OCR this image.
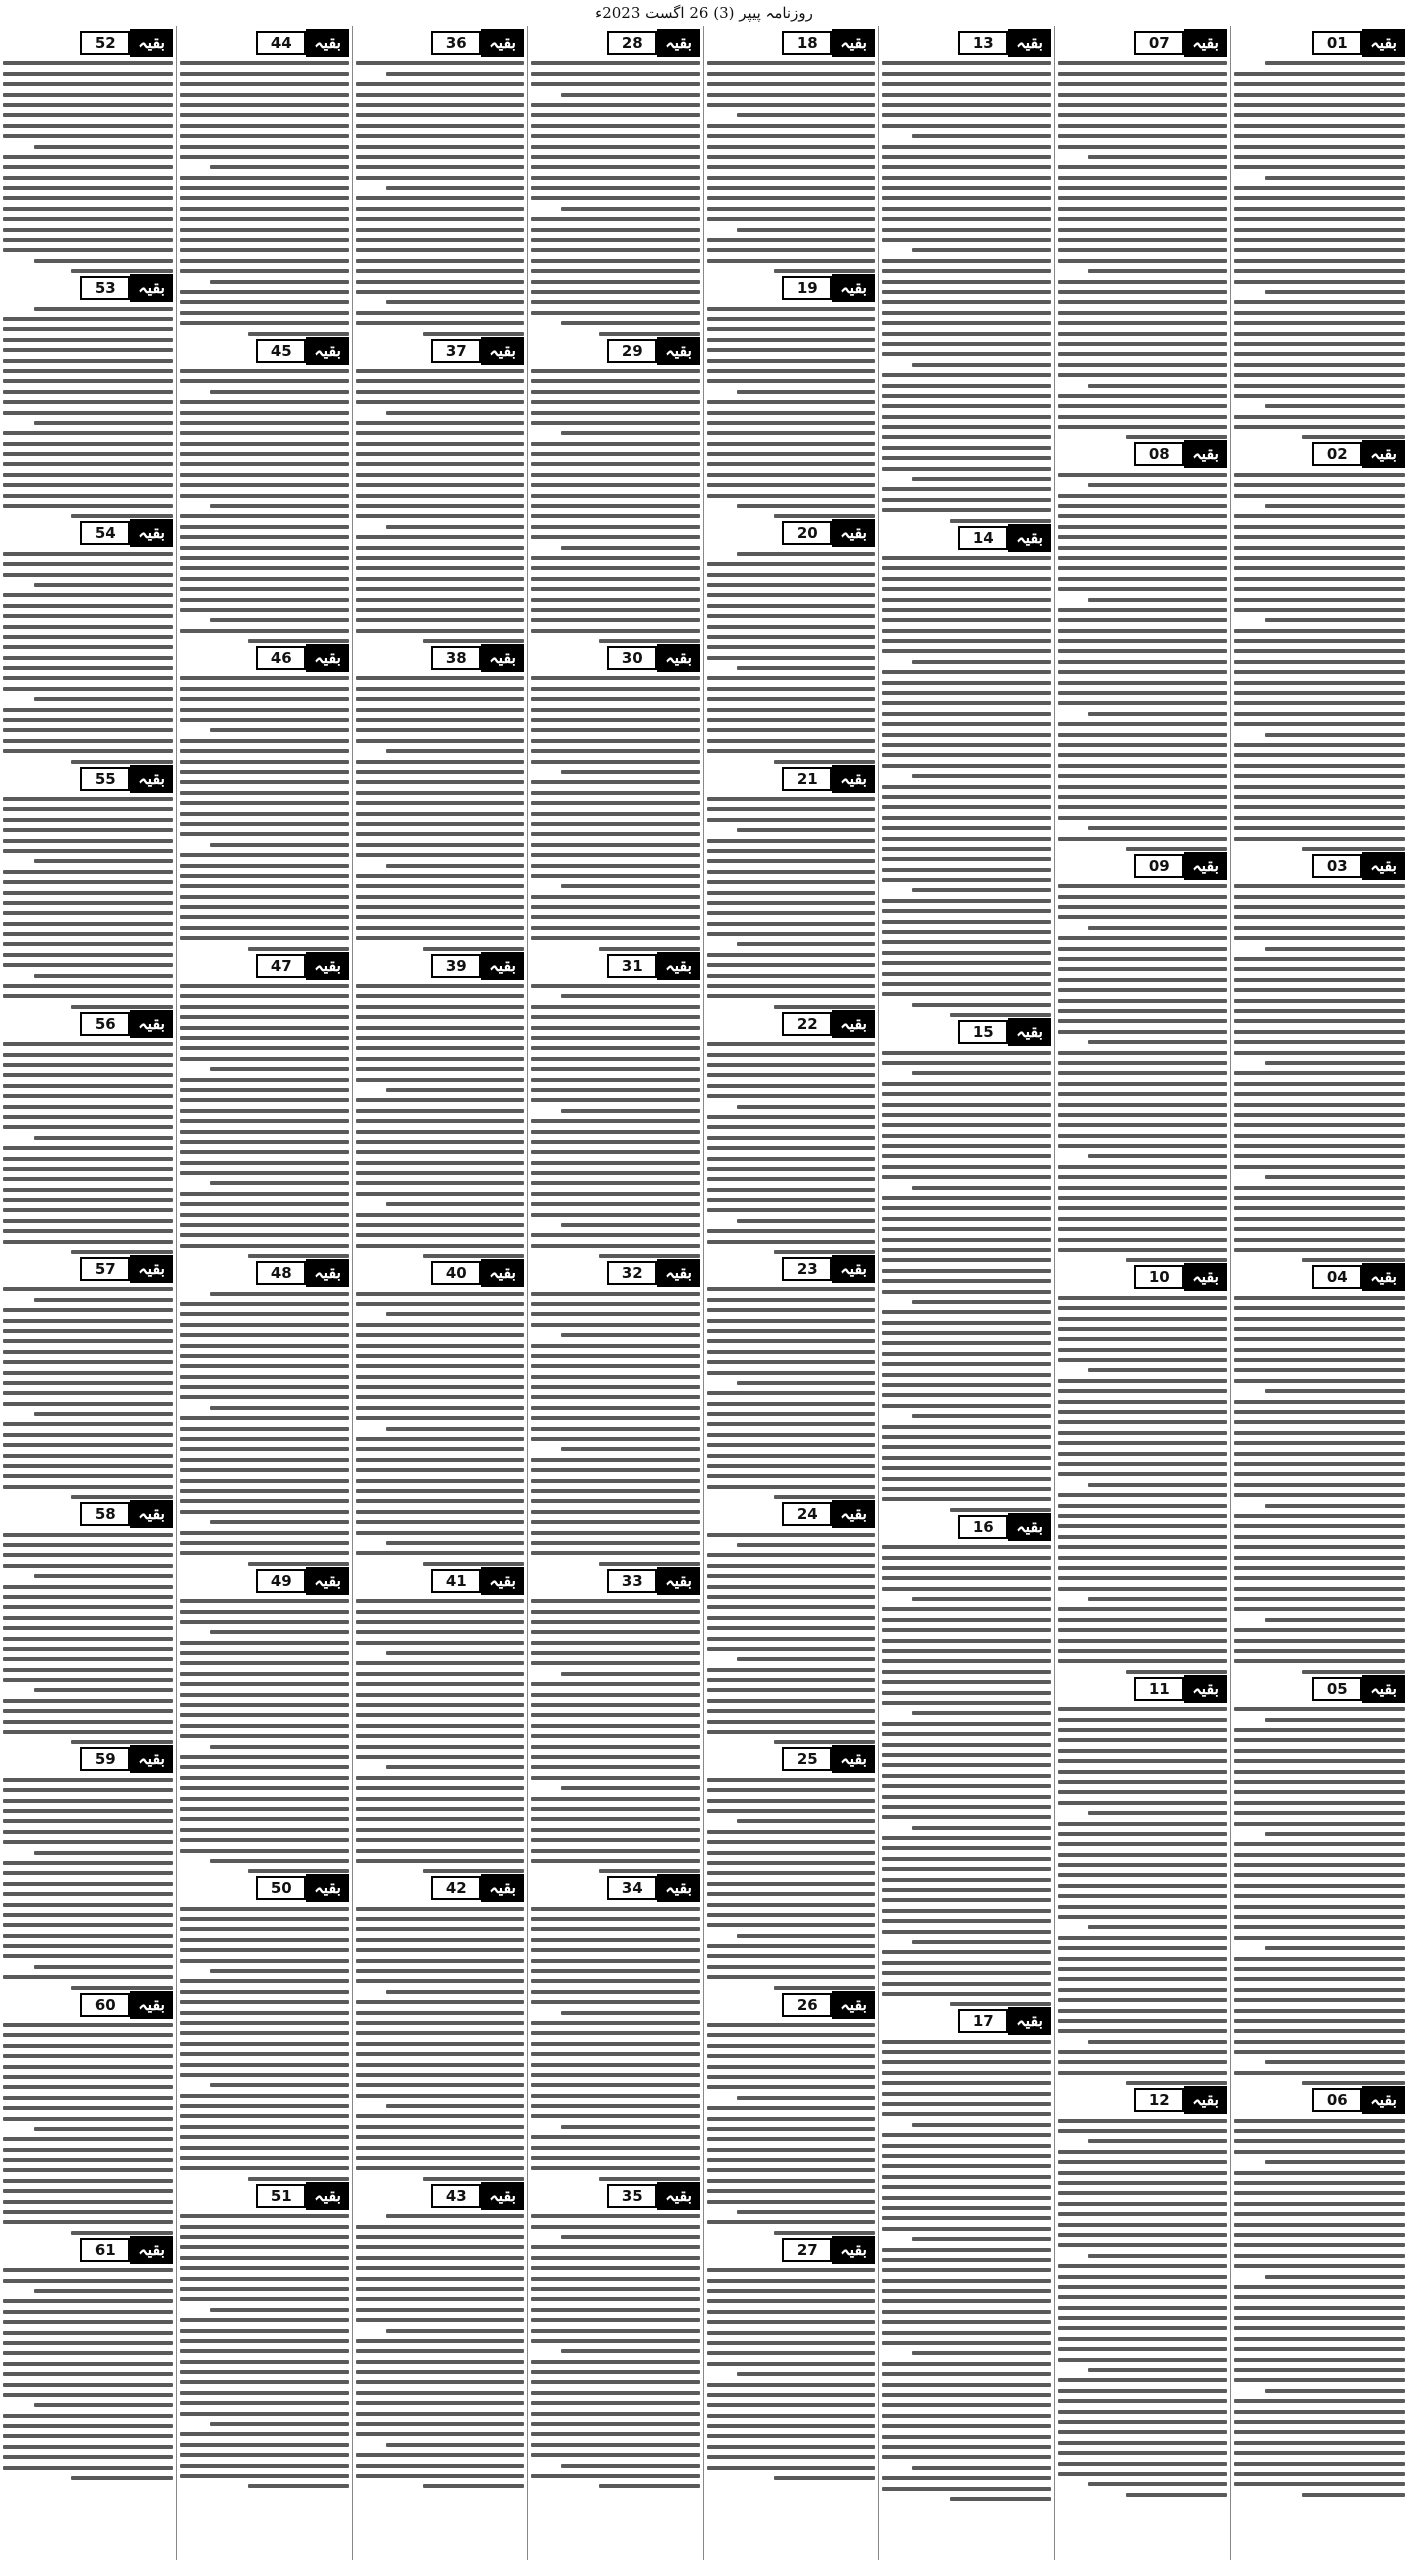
روزنامہ پیپر (3) 26 اگست 2023ء
بقیہ
01
بقیہ
02
بقیہ
03
بقیہ
04
بقیہ
05
بقیہ
06
بقیہ
07
بقیہ
08
بقیہ
09
بقیہ
10
بقیہ
11
بقیہ
12
بقیہ
13
بقیہ
14
بقیہ
15
بقیہ
16
بقیہ
17
بقیہ
18
بقیہ
19
بقیہ
20
بقیہ
21
بقیہ
22
بقیہ
23
بقیہ
24
بقیہ
25
بقیہ
26
بقیہ
27
بقیہ
28
بقیہ
29
بقیہ
30
بقیہ
31
بقیہ
32
بقیہ
33
بقیہ
34
بقیہ
35
بقیہ
36
بقیہ
37
بقیہ
38
بقیہ
39
بقیہ
40
بقیہ
41
بقیہ
42
بقیہ
43
بقیہ
44
بقیہ
45
بقیہ
46
بقیہ
47
بقیہ
48
بقیہ
49
بقیہ
50
بقیہ
51
بقیہ
52
بقیہ
53
بقیہ
54
بقیہ
55
بقیہ
56
بقیہ
57
بقیہ
58
بقیہ
59
بقیہ
60
بقیہ
61
